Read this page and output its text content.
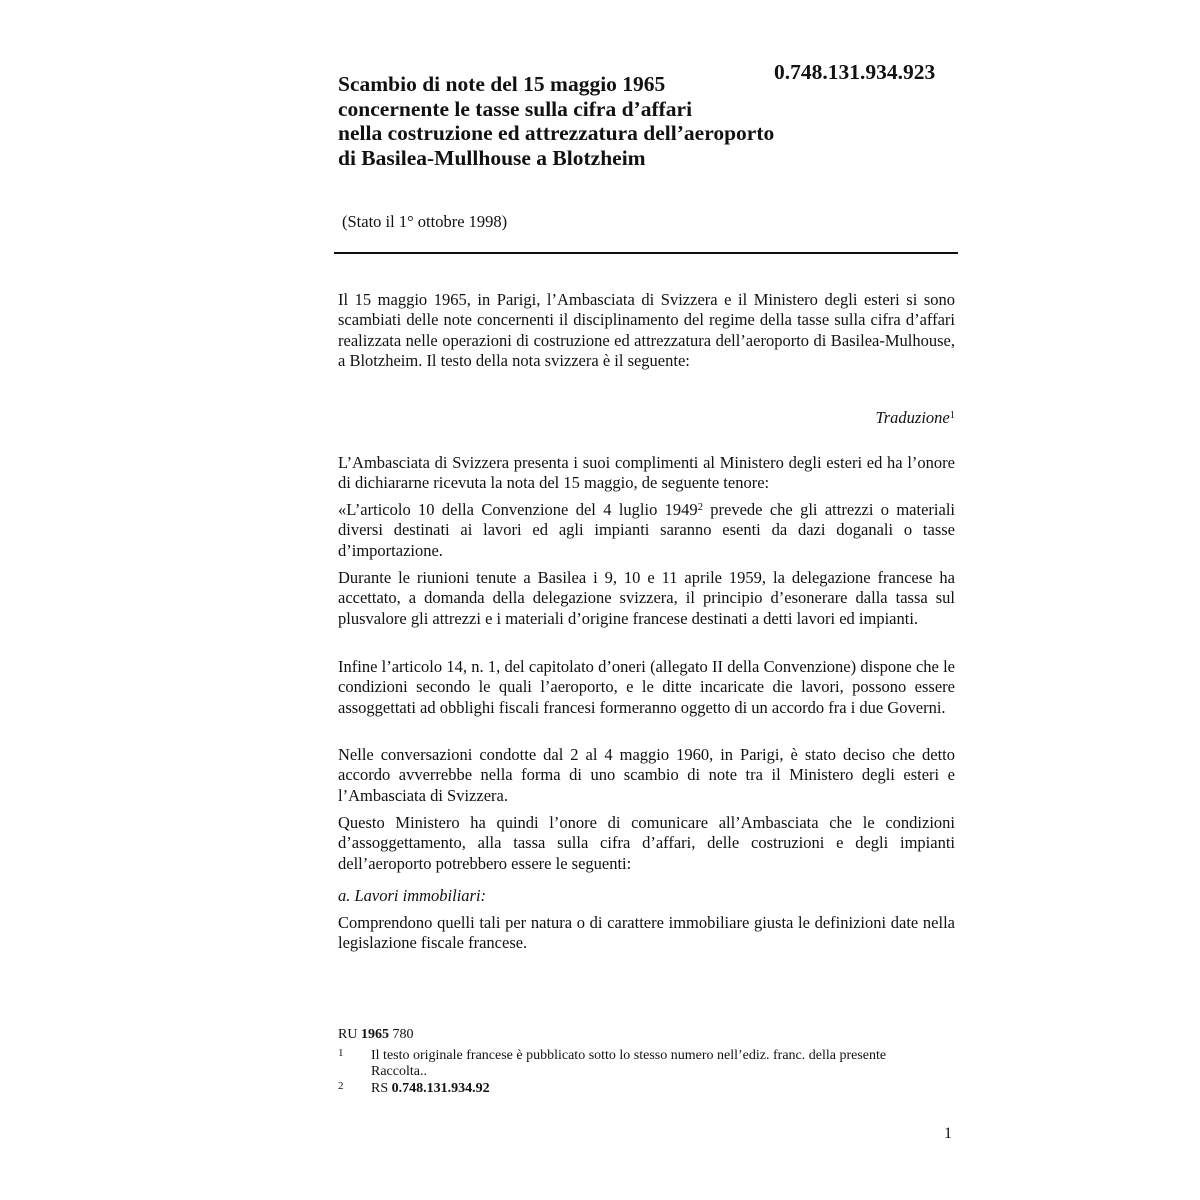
0.748.131.934.923
Scambio di note del 15 maggio 1965
concernente le tasse sulla cifra d’affari
nella costruzione ed attrezzatura dell’aeroporto
di Basilea-Mullhouse a Blotzheim
(Stato il 1° ottobre 1998)

Il 15 maggio 1965, in Parigi, l’Ambasciata di Svizzera e il Ministero degli esteri si sono scambiati delle note concernenti il disciplinamento del regime della tasse sulla cifra d’affari realizzata nelle operazioni di costruzione ed attrezzatura dell’aeroporto di Basilea-Mulhouse, a Blotzheim. Il testo della nota svizzera è il seguente:

Traduzione$^1$

L’Ambasciata di Svizzera presenta i suoi complimenti al Ministero degli esteri ed ha l’onore di dichiararne ricevuta la nota del 15 maggio, de seguente tenore:

«L’articolo 10 della Convenzione del 4 luglio 1949$^2$ prevede che gli attrezzi o materiali diversi destinati ai lavori ed agli impianti saranno esenti da dazi doganali o tasse d’importazione.

Durante le riunioni tenute a Basilea i 9, 10 e 11 aprile 1959, la delegazione francese ha accettato, a domanda della delegazione svizzera, il principio d’esonerare dalla tassa sul plusvalore gli attrezzi e i materiali d’origine francese destinati a detti lavori ed impianti.

Infine l’articolo 14, n. 1, del capitolato d’oneri (allegato II della Convenzione) dispone che le condizioni secondo le quali l’aeroporto, e le ditte incaricate die lavori, possono essere assoggettati ad obblighi fiscali francesi formeranno oggetto di un accordo fra i due Governi.

Nelle conversazioni condotte dal 2 al 4 maggio 1960, in Parigi, è stato deciso che detto accordo avverrebbe nella forma di uno scambio di note tra il Ministero degli esteri e l’Ambasciata di Svizzera.

Questo Ministero ha quindi l’onore di comunicare all’Ambasciata che le condizioni d’assoggettamento, alla tassa sulla cifra d’affari, delle costruzioni e degli impianti dell’aeroporto potrebbero essere le seguenti:

a. Lavori immobiliari:

Comprendono quelli tali per natura o di carattere immobiliare giusta le definizioni date nella legislazione fiscale francese.

RU 1965 780
1 Il testo originale francese è pubblicato sotto lo stesso numero nell’ediz. franc. della presente Raccolta..
2 RS 0.748.131.934.92
1
